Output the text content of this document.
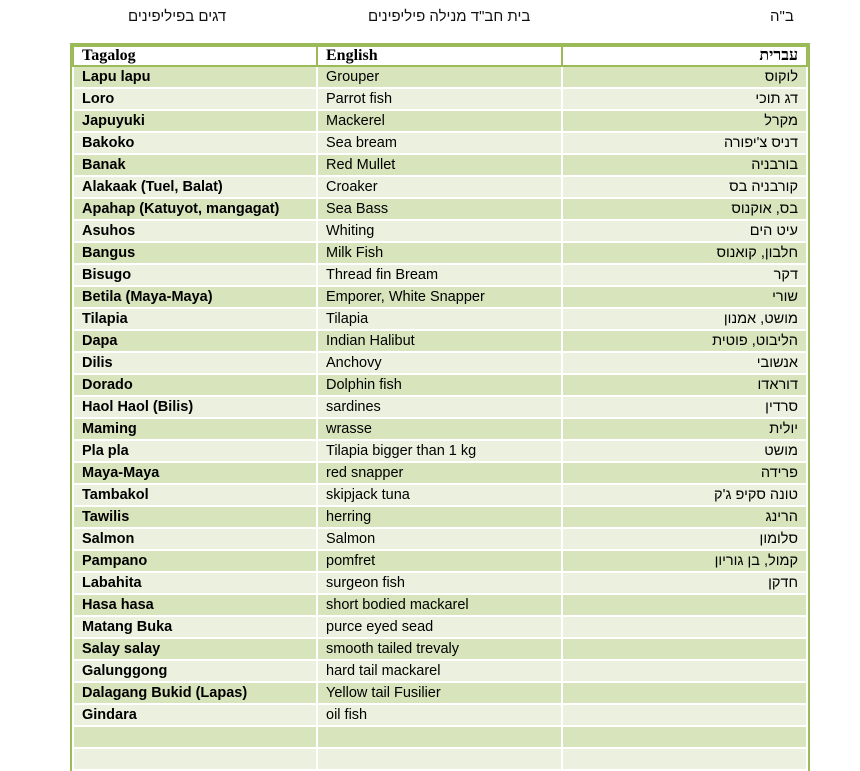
דגים בפיליפינים	בית חב"ד מנילה פיליפינים	ב"ה
Tagalog	English	עברית
Lapu lapu	Grouper	לוקוס
Loro	Parrot fish	דג תוכי
Japuyuki	Mackerel	מקרל
Bakoko	Sea bream	דניס צ'יפורה
Banak	Red Mullet	בורבניה
Alakaak (Tuel, Balat)	Croaker	קורבניה בס
Apahap (Katuyot, mangagat)	Sea Bass	בס, אוקנוס
Asuhos	Whiting	עיט הים
Bangus	Milk Fish	חלבון, קואנוס
Bisugo	Thread fin Bream	דקר
Betila (Maya-Maya)	Emporer, White Snapper	שורי
Tilapia	Tilapia	מושט, אמנון
Dapa	Indian Halibut	הליבוט, פוטית
Dilis	Anchovy	אנשובי
Dorado	Dolphin fish	דוראדו
Haol Haol (Bilis)	sardines	סרדין
Maming	wrasse	יולית
Pla pla	Tilapia bigger than 1 kg	מושט
Maya-Maya	red snapper	פרידה
Tambakol	skipjack tuna	טונה סקיפ ג'ק
Tawilis	herring	הרינג
Salmon	Salmon	סלומון
Pampano	pomfret	קמול, בן גוריון
Labahita	surgeon fish	חדקן
Hasa hasa	short bodied mackarel	
Matang Buka	purce eyed sead	
Salay salay	smooth tailed trevaly	
Galunggong	hard tail mackarel	
Dalagang Bukid (Lapas)	Yellow tail Fusilier	
Gindara	oil fish	
